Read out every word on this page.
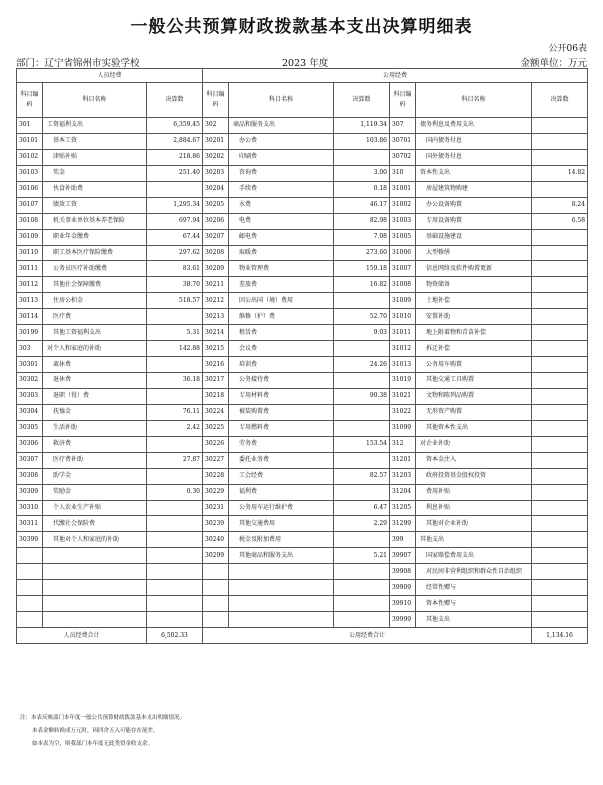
一般公共预算财政拨款基本支出决算明细表
公开06表
部门：辽宁省锦州市实验学校	2023 年度	金额单位：万元
人员经费			公用经费					
科目编码	科目名称	决算数	科目编码	科目名称	决算数	科目编码	科目名称	决算数
301	工资福利支出	6,359.45	302	商品和服务支出	1,119.34	307	债务利息及费用支出	
30101	基本工资	2,884.67	30201	办公费	103.86	30701	国内债务付息	
30102	津贴补贴	218.86	30202	印刷费		30702	国外债务付息	
30103	奖金	251.40	30203	咨询费	3.00	310	资本性支出	14.82
30106	伙食补助费		30204	手续费	0.18	31001	房屋建筑物购建	
30107	绩效工资	1,295.34	30205	水费	46.17	31002	办公设备购置	8.24
30108	机关事业单位基本养老保险	697.94	30206	电费	82.98	31003	专用设备购置	6.58
30109	职业年金缴费	67.44	30207	邮电费	7.08	31005	基础设施建设	
30110	职工基本医疗保险缴费	297.62	30208	取暖费	273.60	31006	大型修缮	
30111	公务员医疗补助缴费	83.61	30209	物业管理费	159.18	31007	信息网络及软件购置更新	
30112	其他社会保障缴费	38.70	30211	差旅费	16.82	31008	物资储备	
30113	住房公积金	518.57	30212	因公出国（境）费用		31009	土地补偿	
30114	医疗费		30213	维修（护）费	52.70	31010	安置补助	
30199	其他工资福利支出	5.31	30214	租赁费	9.03	31011	地上附着物和青苗补偿	
303	对个人和家庭的补助	142.88	30215	会议费		31012	拆迁补偿	
30301	离休费		30216	培训费	24.26	31013	公务用车购置	
30302	退休费	36.18	30217	公务接待费		31019	其他交通工具购置	
30303	退职（役）费		30218	专用材料费	90.38	31021	文物和陈列品购置	
30304	抚恤金	76.11	30224	被装购置费		31022	无形资产购置	
30305	生活补助	2.42	30225	专用燃料费		31099	其他资本性支出	
30306	救济费		30226	劳务费	153.54	312	对企业补助	
30307	医疗费补助	27.87	30227	委托业务费		31201	资本金注入	
30308	助学金		30228	工会经费	82.57	31203	政府投资基金股权投资	
30309	奖励金	0.30	30229	福利费		31204	费用补贴	
30310	个人农业生产补贴		30231	公务用车运行维护费	6.47	31205	利息补贴	
30311	代缴社会保险费		30239	其他交通费用	2.29	31299	其他对企业补助	
30399	其他对个人和家庭的补助		30240	税金及附加费用		399	其他支出	
			30299	其他商品和服务支出	5.21	39907	国家赔偿费用支出	
						39908	对民间非营利组织和群众性自治组织	
						39909	经常性赠与	
						39910	资本性赠与	
						39999	其他支出	
人员经费合计		6,502.33	公用经费合计					1,134.16
注：本表反映部门本年度一般公共预算财政拨款基本支出明细情况。
本表金额转换成万元时，因四舍五入可能存在尾差。
如本表为空，则我部门本年度无此类资金收支余。
